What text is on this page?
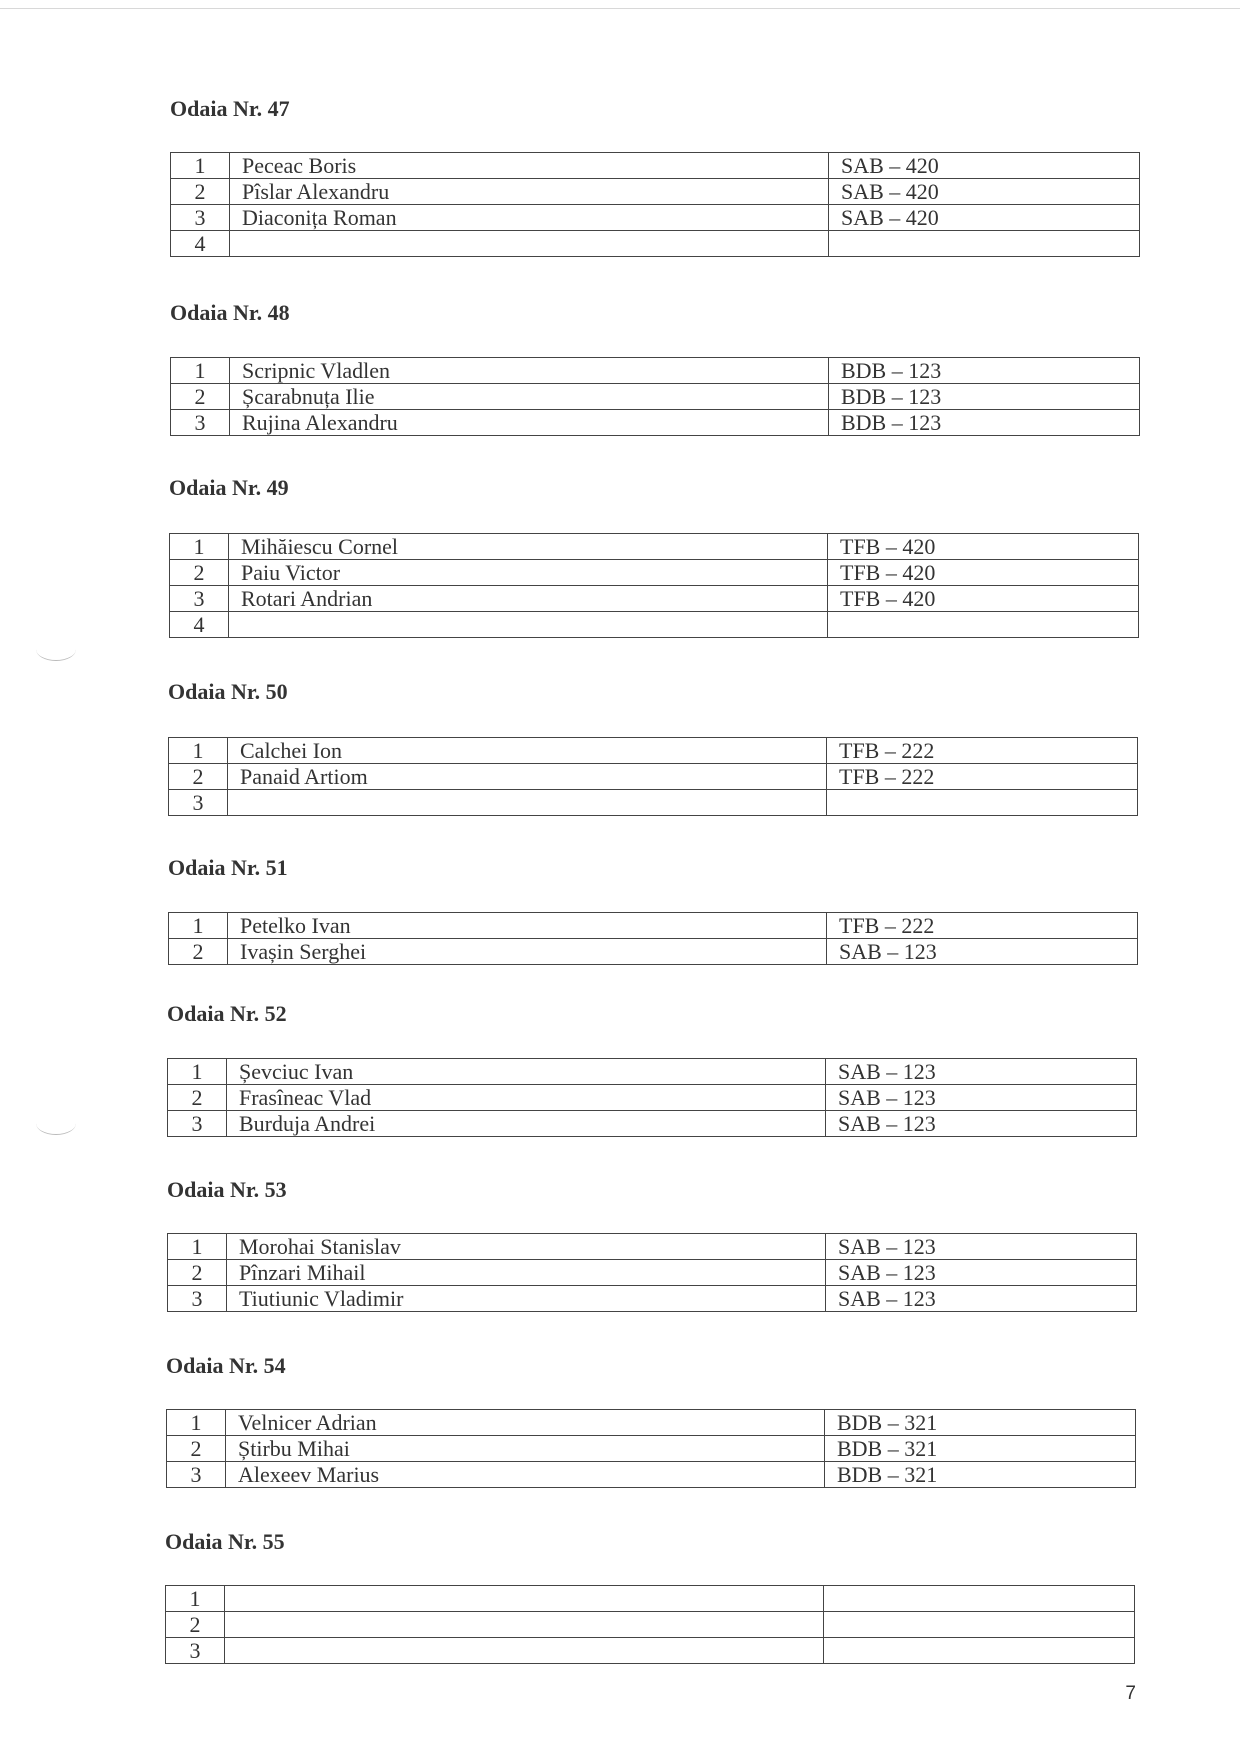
Odaia Nr. 47
1	Peceac Boris	SAB – 420
2	Pîslar Alexandru	SAB – 420
3	Diaconița Roman	SAB – 420
4		
Odaia Nr. 48
1	Scripnic Vladlen	BDB – 123
2	Șcarabnuța Ilie	BDB – 123
3	Rujina Alexandru	BDB – 123
Odaia Nr. 49
1	Mihăiescu Cornel	TFB – 420
2	Paiu Victor	TFB – 420
3	Rotari Andrian	TFB – 420
4		
Odaia Nr. 50
1	Calchei Ion	TFB – 222
2	Panaid Artiom	TFB – 222
3		
Odaia Nr. 51
1	Petelko Ivan	TFB – 222
2	Ivașin Serghei	SAB – 123
Odaia Nr. 52
1	Șevciuc Ivan	SAB – 123
2	Frasîneac Vlad	SAB – 123
3	Burduja Andrei	SAB – 123
Odaia Nr. 53
1	Morohai Stanislav	SAB – 123
2	Pînzari Mihail	SAB – 123
3	Tiutiunic Vladimir	SAB – 123
Odaia Nr. 54
1	Velnicer Adrian	BDB – 321
2	Știrbu Mihai	BDB – 321
3	Alexeev Marius	BDB – 321
Odaia Nr. 55
1		
2		
3		
7
